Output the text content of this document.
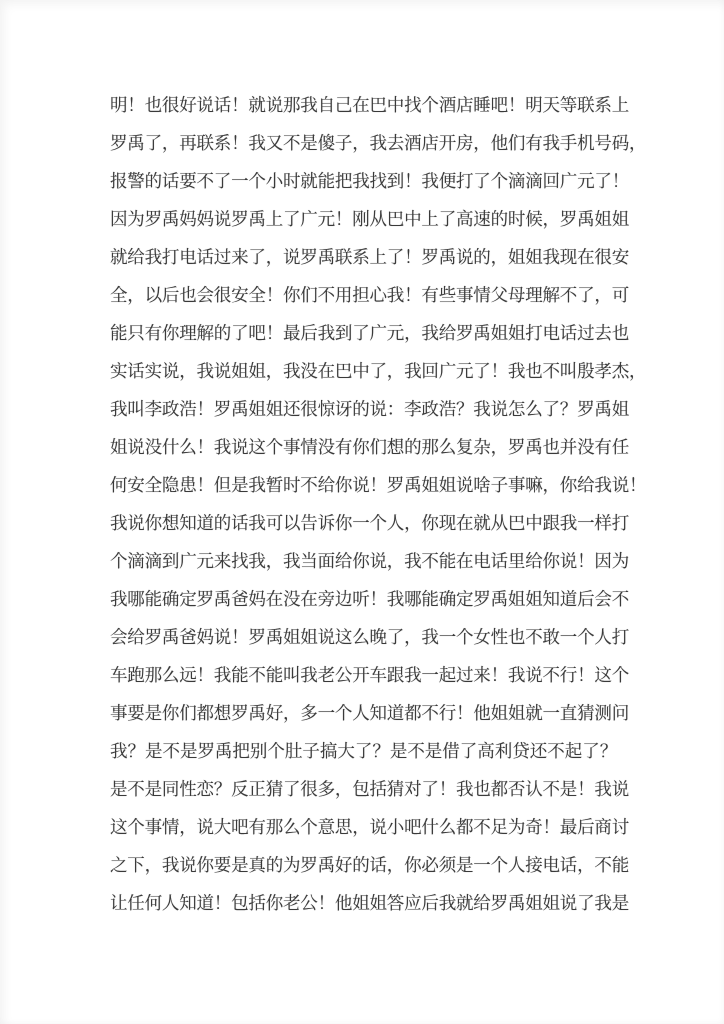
明！也很好说话！就说那我自己在巴中找个酒店睡吧！明天等联系上
罗禹了，再联系！我又不是傻子，我去酒店开房，他们有我手机号码，
报警的话要不了一个小时就能把我找到！我便打了个滴滴回广元了！
因为罗禹妈妈说罗禹上了广元！刚从巴中上了高速的时候，罗禹姐姐
就给我打电话过来了，说罗禹联系上了！罗禹说的，姐姐我现在很安
全，以后也会很安全！你们不用担心我！有些事情父母理解不了，可
能只有你理解的了吧！最后我到了广元，我给罗禹姐姐打电话过去也
实话实说，我说姐姐，我没在巴中了，我回广元了！我也不叫殷孝杰，
我叫李政浩！罗禹姐姐还很惊讶的说：李政浩？我说怎么了？罗禹姐
姐说没什么！我说这个事情没有你们想的那么复杂，罗禹也并没有任
何安全隐患！但是我暂时不给你说！罗禹姐姐说啥子事嘛，你给我说！
我说你想知道的话我可以告诉你一个人，你现在就从巴中跟我一样打
个滴滴到广元来找我，我当面给你说，我不能在电话里给你说！因为
我哪能确定罗禹爸妈在没在旁边听！我哪能确定罗禹姐姐知道后会不
会给罗禹爸妈说！罗禹姐姐说这么晚了，我一个女性也不敢一个人打
车跑那么远！我能不能叫我老公开车跟我一起过来！我说不行！这个
事要是你们都想罗禹好，多一个人知道都不行！他姐姐就一直猜测问
我？是不是罗禹把别个肚子搞大了？是不是借了高利贷还不起了？
是不是同性恋？反正猜了很多，包括猜对了！我也都否认不是！我说
这个事情，说大吧有那么个意思，说小吧什么都不足为奇！最后商讨
之下，我说你要是真的为罗禹好的话，你必须是一个人接电话，不能
让任何人知道！包括你老公！他姐姐答应后我就给罗禹姐姐说了我是
